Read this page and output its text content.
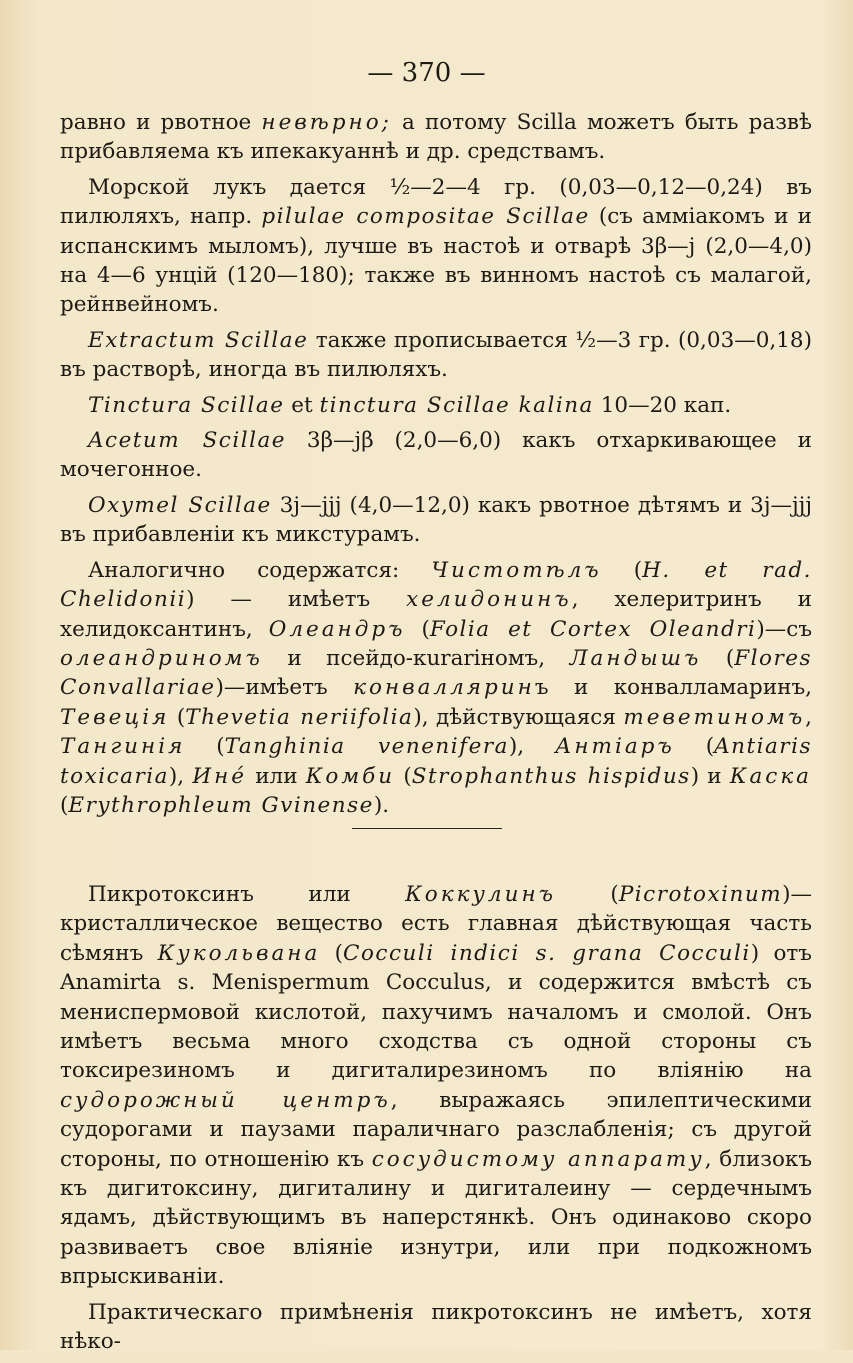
— 370 —

равно и рвотное невѣрно; а потому Scilla можетъ быть развѣ прибавляема къ ипекакуаннѣ и др. средствамъ.

Морской лукъ дается ½—2—4 гр. (0,03—0,12—0,24) въ пилюляхъ, напр. pilulae compositae Scillae (съ амміакомъ и и испанскимъ мыломъ), лучше въ настоѣ и отварѣ 3β—j (2,0—4,0) на 4—6 унцій (120—180); также въ винномъ настоѣ съ малагой, рейнвейномъ.

Extractum Scillae также прописывается ½—3 гр. (0,03—0,18) въ растворѣ, иногда въ пилюляхъ.

Tinctura Scillae et tinctura Scillae kalina 10—20 кап.

Acetum Scillae 3β—jβ (2,0—6,0) какъ отхаркивающее и мочегонное.

Oxymel Scillae 3j—jjj (4,0—12,0) какъ рвотное дѣтямъ и 3j—jjj въ прибавленіи къ микстурамъ.

Аналогично содержатся: Чистотѣлъ (H. et rad. Chelidonii) — имѣетъ хелидонинъ, хелеритринъ и хелидоксантинъ, Олеандръ (Folia et Cortex Oleandri)—съ олеандриномъ и псейдо-кurariномъ, Ландышъ (Flores Convallariae)—имѣетъ конвалляринъ и конвалламаринъ, Тевецiя (Thevetia neriifolia), дѣйствующаяся теветиномъ, Тангинія (Tanghinia venenifera), Антiаръ (Antiaris toxicaria), Инé или Комби (Strophanthus hispidus) и Каска (Erythrophleum Gvinense).

Пикротоксинъ или Коккулинъ (Picrotoxinum)—кристаллическое вещество есть главная дѣйствующая часть сѣмянъ Кукольвана (Cocculi indici s. grana Cocculi) отъ Anamirta s. Menispermum Cocculus, и содержится вмѣстѣ съ мениспермовой кислотой, пахучимъ началомъ и смолой. Онъ имѣетъ весьма много сходства съ одной стороны съ токсирезиномъ и дигиталирезиномъ по вліянію на судорожный центръ, выражаясь эпилептическими судорогами и паузами параличнаго разслабленія; съ другой стороны, по отношенію къ сосудистому аппарату, близокъ къ дигитоксину, дигиталину и дигиталеину — сердечнымъ ядамъ, дѣйствующимъ въ наперстянкѣ. Онъ одинаково скоро развиваетъ свое вліяніе изнутри, или при подкожномъ впрыскиваніи.

Практическаго примѣненія пикротоксинъ не имѣетъ, хотя нѣко-
